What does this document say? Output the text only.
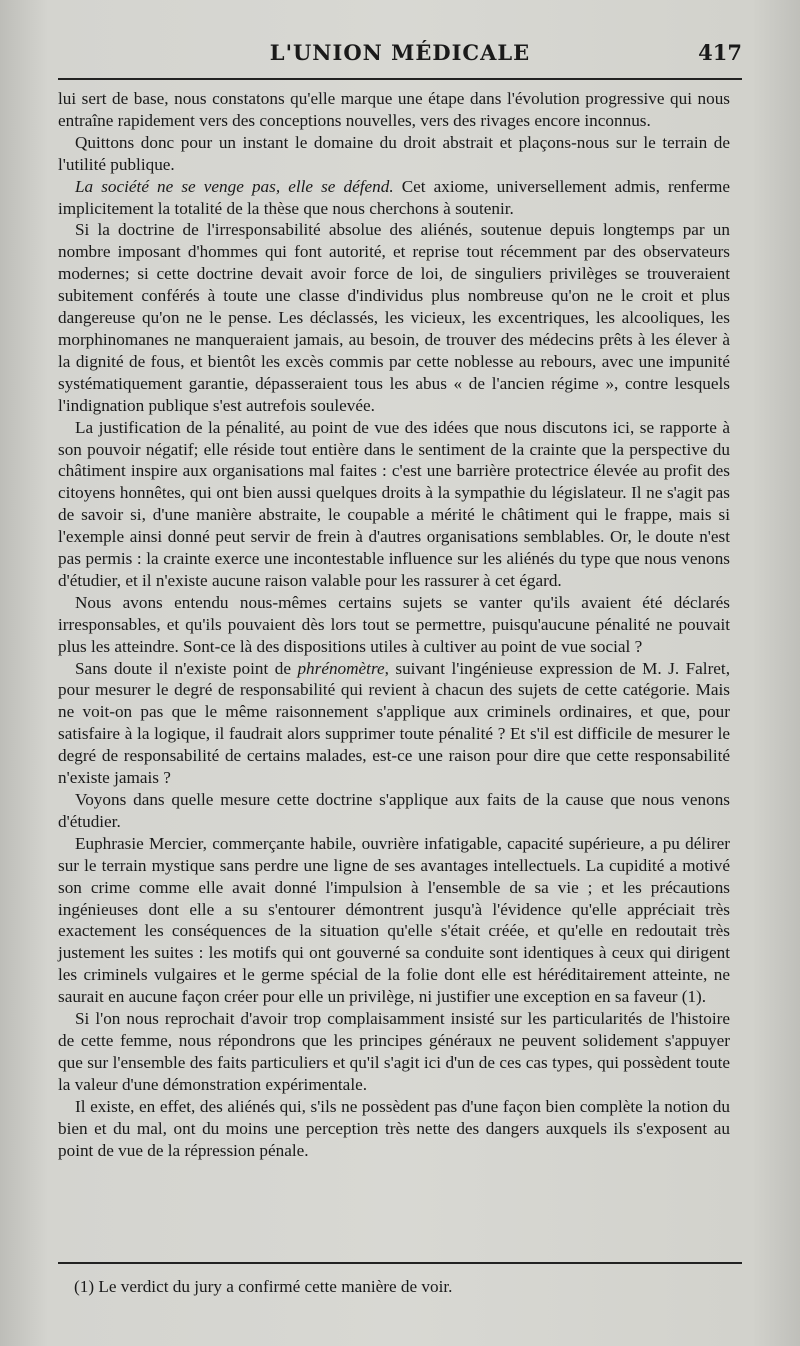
L'UNION MÉDICALE	417

lui sert de base, nous constatons qu'elle marque une étape dans l'évolution progressive qui nous entraîne rapidement vers des conceptions nouvelles, vers des rivages encore inconnus.

Quittons donc pour un instant le domaine du droit abstrait et plaçons-nous sur le terrain de l'utilité publique.

La société ne se venge pas, elle se défend. Cet axiome, universellement admis, renferme implicitement la totalité de la thèse que nous cherchons à soutenir.

Si la doctrine de l'irresponsabilité absolue des aliénés, soutenue depuis longtemps par un nombre imposant d'hommes qui font autorité, et reprise tout récemment par des observateurs modernes; si cette doctrine devait avoir force de loi, de singuliers privilèges se trouveraient subitement conférés à toute une classe d'individus plus nombreuse qu'on ne le croit et plus dangereuse qu'on ne le pense. Les déclassés, les vicieux, les excentriques, les alcooliques, les morphinomanes ne manqueraient jamais, au besoin, de trouver des médecins prêts à les élever à la dignité de fous, et bientôt les excès commis par cette noblesse au rebours, avec une impunité systématiquement garantie, dépasseraient tous les abus « de l'ancien régime », contre lesquels l'indignation publique s'est autrefois soulevée.

La justification de la pénalité, au point de vue des idées que nous discutons ici, se rapporte à son pouvoir négatif; elle réside tout entière dans le sentiment de la crainte que la perspective du châtiment inspire aux organisations mal faites : c'est une barrière protectrice élevée au profit des citoyens honnêtes, qui ont bien aussi quelques droits à la sympathie du législateur. Il ne s'agit pas de savoir si, d'une manière abstraite, le coupable a mérité le châtiment qui le frappe, mais si l'exemple ainsi donné peut servir de frein à d'autres organisations semblables. Or, le doute n'est pas permis : la crainte exerce une incontestable influence sur les aliénés du type que nous venons d'étudier, et il n'existe aucune raison valable pour les rassurer à cet égard.

Nous avons entendu nous-mêmes certains sujets se vanter qu'ils avaient été déclarés irresponsables, et qu'ils pouvaient dès lors tout se permettre, puisqu'aucune pénalité ne pouvait plus les atteindre. Sont-ce là des dispositions utiles à cultiver au point de vue social ?

Sans doute il n'existe point de phrénomètre, suivant l'ingénieuse expression de M. J. Falret, pour mesurer le degré de responsabilité qui revient à chacun des sujets de cette catégorie. Mais ne voit-on pas que le même raisonnement s'applique aux criminels ordinaires, et que, pour satisfaire à la logique, il faudrait alors supprimer toute pénalité ? Et s'il est difficile de mesurer le degré de responsabilité de certains malades, est-ce une raison pour dire que cette responsabilité n'existe jamais ?

Voyons dans quelle mesure cette doctrine s'applique aux faits de la cause que nous venons d'étudier.

Euphrasie Mercier, commerçante habile, ouvrière infatigable, capacité supérieure, a pu délirer sur le terrain mystique sans perdre une ligne de ses avantages intellectuels. La cupidité a motivé son crime comme elle avait donné l'impulsion à l'ensemble de sa vie ; et les précautions ingénieuses dont elle a su s'entourer démontrent jusqu'à l'évidence qu'elle appréciait très exactement les conséquences de la situation qu'elle s'était créée, et qu'elle en redoutait très justement les suites : les motifs qui ont gouverné sa conduite sont identiques à ceux qui dirigent les criminels vulgaires et le germe spécial de la folie dont elle est héréditairement atteinte, ne saurait en aucune façon créer pour elle un privilège, ni justifier une exception en sa faveur (1).

Si l'on nous reprochait d'avoir trop complaisamment insisté sur les particularités de l'histoire de cette femme, nous répondrons que les principes généraux ne peuvent solidement s'appuyer que sur l'ensemble des faits particuliers et qu'il s'agit ici d'un de ces cas types, qui possèdent toute la valeur d'une démonstration expérimentale.

Il existe, en effet, des aliénés qui, s'ils ne possèdent pas d'une façon bien complète la notion du bien et du mal, ont du moins une perception très nette des dangers auxquels ils s'exposent au point de vue de la répression pénale.

(1) Le verdict du jury a confirmé cette manière de voir.
